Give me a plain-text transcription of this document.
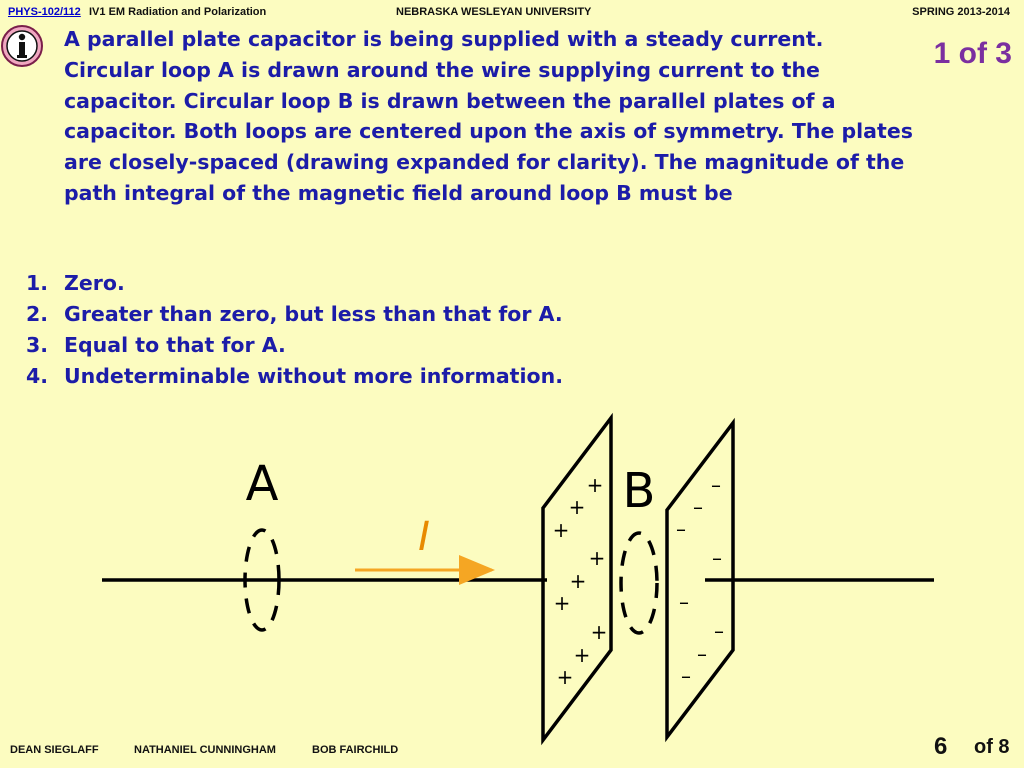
PHYS-102/112 IV1 EM Radiation and Polarization	NEBRASKA WESLEYAN UNIVERSITY	SPRING 2013-2014
1 of 3

A parallel plate capacitor is being supplied with a steady current. Circular loop A is drawn around the wire supplying current to the capacitor. Circular loop B is drawn between the parallel plates of a capacitor. Both loops are centered upon the axis of symmetry. The plates are closely-spaced (drawing expanded for clarity). The magnitude of the path integral of the magnetic field around loop B must be

1. Zero.
2. Greater than zero, but less than that for A.
3. Equal to that for A.
4. Undeterminable without more information.
A
I
+
+
+
+
+
+
+
+
+
–
–
–
–
–
–
–
–
B
DEAN SIEGLAFF	NATHANIEL CUNNINGHAM	BOB FAIRCHILD	6 of 8
